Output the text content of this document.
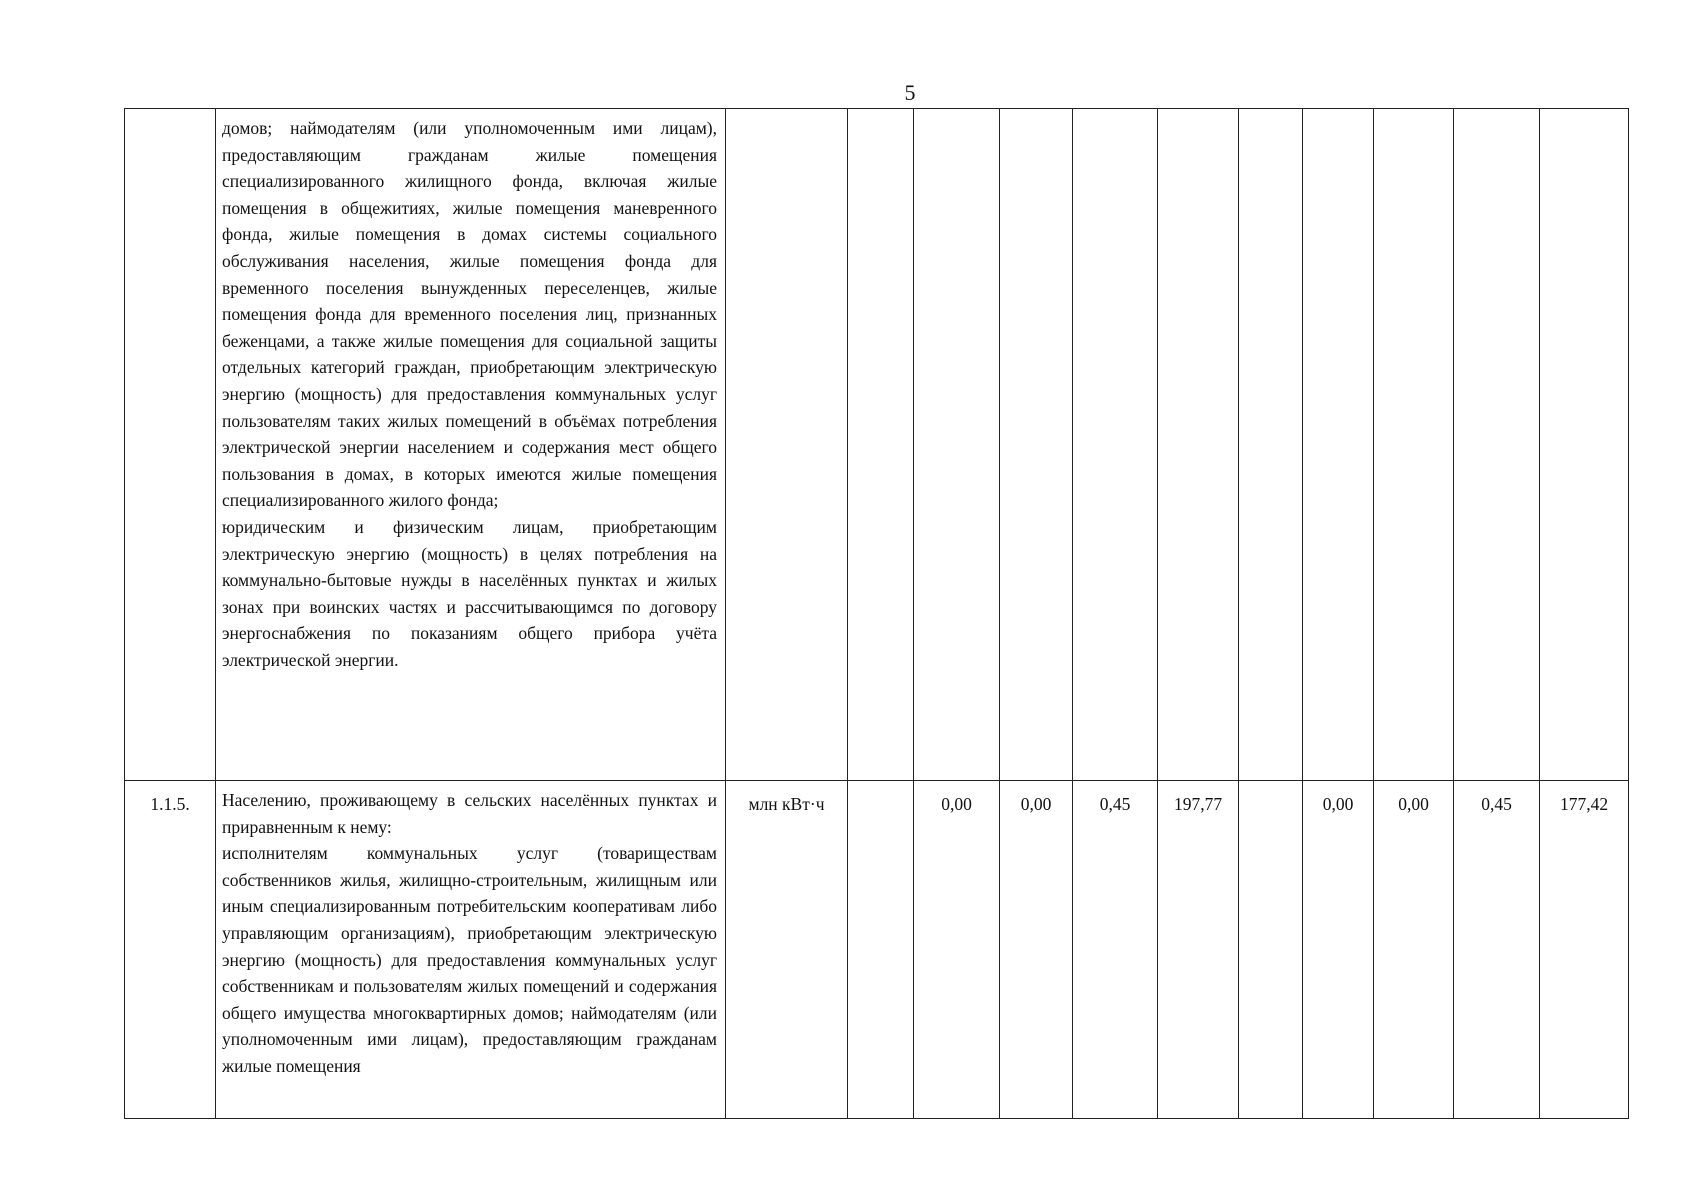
5

	домов; наймодателям (или уполномоченным ими лицам), предоставляющим гражданам жилые помещения специализированного жилищного фонда, включая жилые помещения в общежитиях, жилые помещения маневренного фонда, жилые помещения в домах системы социального обслуживания населения, жилые помещения фонда для временного поселения вынужденных переселенцев, жилые помещения фонда для временного поселения лиц, признанных беженцами, а также жилые помещения для социальной защиты отдельных категорий граждан, приобретающим электрическую энергию (мощность) для предоставления коммунальных услуг пользователям таких жилых помещений в объёмах потребления электрической энергии населением и содержания мест общего пользования в домах, в которых имеются жилые помещения специализированного жилого фонда;
юридическим и физическим лицам, приобретающим электрическую энергию (мощность) в целях потребления на коммунально-бытовые нужды в населённых пунктах и жилых зонах при воинских частях и рассчитывающимся по договору энергоснабжения по показаниям общего прибора учёта электрической энергии.											

1.1.5.	Населению, проживающему в сельских населённых пунктах и приравненным к нему:
исполнителям коммунальных услуг (товариществам собственников жилья, жилищно-строительным, жилищным или иным специализированным потребительским кооперативам либо управляющим организациям), приобретающим электрическую энергию (мощность) для предоставления коммунальных услуг собственникам и пользователям жилых помещений и содержания общего имущества многоквартирных домов; наймодателям (или уполномоченным ими лицам), предоставляющим гражданам жилые помещения	млн кВт·ч		0,00	0,00	0,45	197,77		0,00	0,00	0,45	177,42
